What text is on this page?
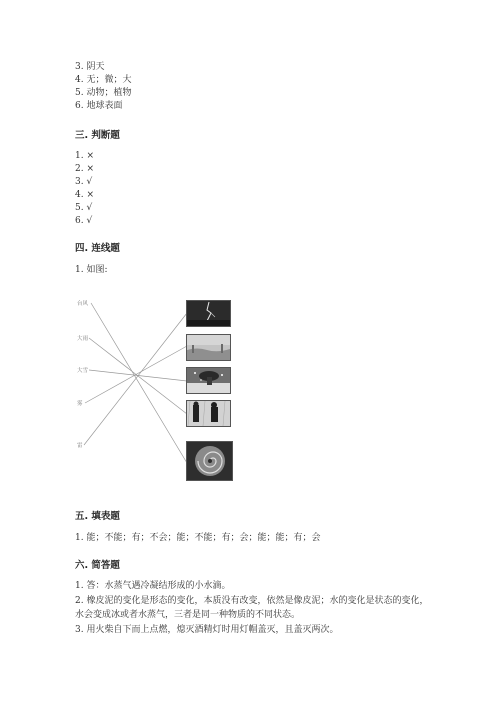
3. 阴天
4. 无；微；大
5. 动物；植物
6. 地球表面
三. 判断题
1. ×
2. ×
3. √
4. ×
5. √
6. √
四. 连线题
1. 如图:
台风
大雨
大雪
雾
雷
五. 填表题
1. 能；不能；有；不会；能；不能；有；会；能；能；有；会
六. 简答题

1. 答：水蒸气遇冷凝结形成的小水滴。

2. 橡皮泥的变化是形态的变化，本质没有改变，依然是像皮泥；水的变化是状态的变化，水会变成冰或者水蒸气，三者是同一种物质的不同状态。

3. 用火柴自下而上点燃，熄灭酒精灯时用灯帽盖灭，且盖灭两次。
